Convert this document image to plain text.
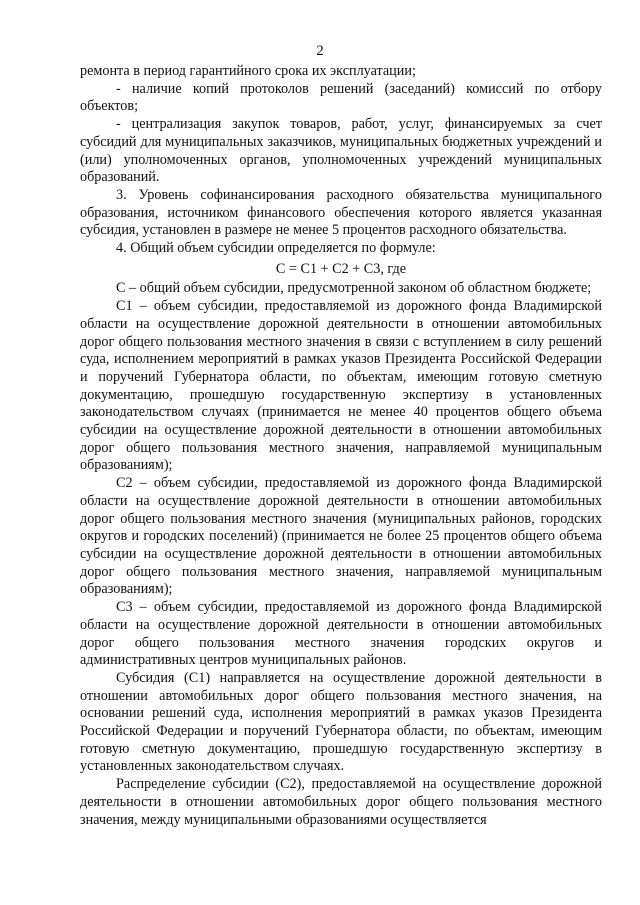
2

ремонта в период гарантийного срока их эксплуатации;

- наличие копий протоколов решений (заседаний) комиссий по отбору объектов;

- централизация закупок товаров, работ, услуг, финансируемых за счет субсидий для муниципальных заказчиков, муниципальных бюджетных учреждений и (или) уполномоченных органов, уполномоченных учреждений муниципальных образований.

3. Уровень софинансирования расходного обязательства муниципального образования, источником финансового обеспечения которого является указанная субсидия, установлен в размере не менее 5 процентов расходного обязательства.

4. Общий объем субсидии определяется по формуле:

С = С1 + С2 + С3, где

С – общий объем субсидии, предусмотренной законом об областном бюджете;

С1 – объем субсидии, предоставляемой из дорожного фонда Владимирской области на осуществление дорожной деятельности в отношении автомобильных дорог общего пользования местного значения в связи с вступлением в силу решений суда, исполнением мероприятий в рамках указов Президента Российской Федерации и поручений Губернатора области, по объектам, имеющим готовую сметную документацию, прошедшую государственную экспертизу в установленных законодательством случаях (принимается не менее 40 процентов общего объема субсидии на осуществление дорожной деятельности в отношении автомобильных дорог общего пользования местного значения, направляемой муниципальным образованиям);

С2 – объем субсидии, предоставляемой из дорожного фонда Владимирской области на осуществление дорожной деятельности в отношении автомобильных дорог общего пользования местного значения (муниципальных районов, городских округов и городских поселений) (принимается не более 25 процентов общего объема субсидии на осуществление дорожной деятельности в отношении автомобильных дорог общего пользования местного значения, направляемой муниципальным образованиям);

С3 – объем субсидии, предоставляемой из дорожного фонда Владимирской области на осуществление дорожной деятельности в отношении автомобильных дорог общего пользования местного значения городских округов и административных центров муниципальных районов.

Субсидия (С1) направляется на осуществление дорожной деятельности в отношении автомобильных дорог общего пользования местного значения, на основании решений суда, исполнения мероприятий в рамках указов Президента Российской Федерации и поручений Губернатора области, по объектам, имеющим готовую сметную документацию, прошедшую государственную экспертизу в установленных законодательством случаях.

Распределение субсидии (С2), предоставляемой на осуществление дорожной деятельности в отношении автомобильных дорог общего пользования местного значения, между муниципальными образованиями осуществляется
